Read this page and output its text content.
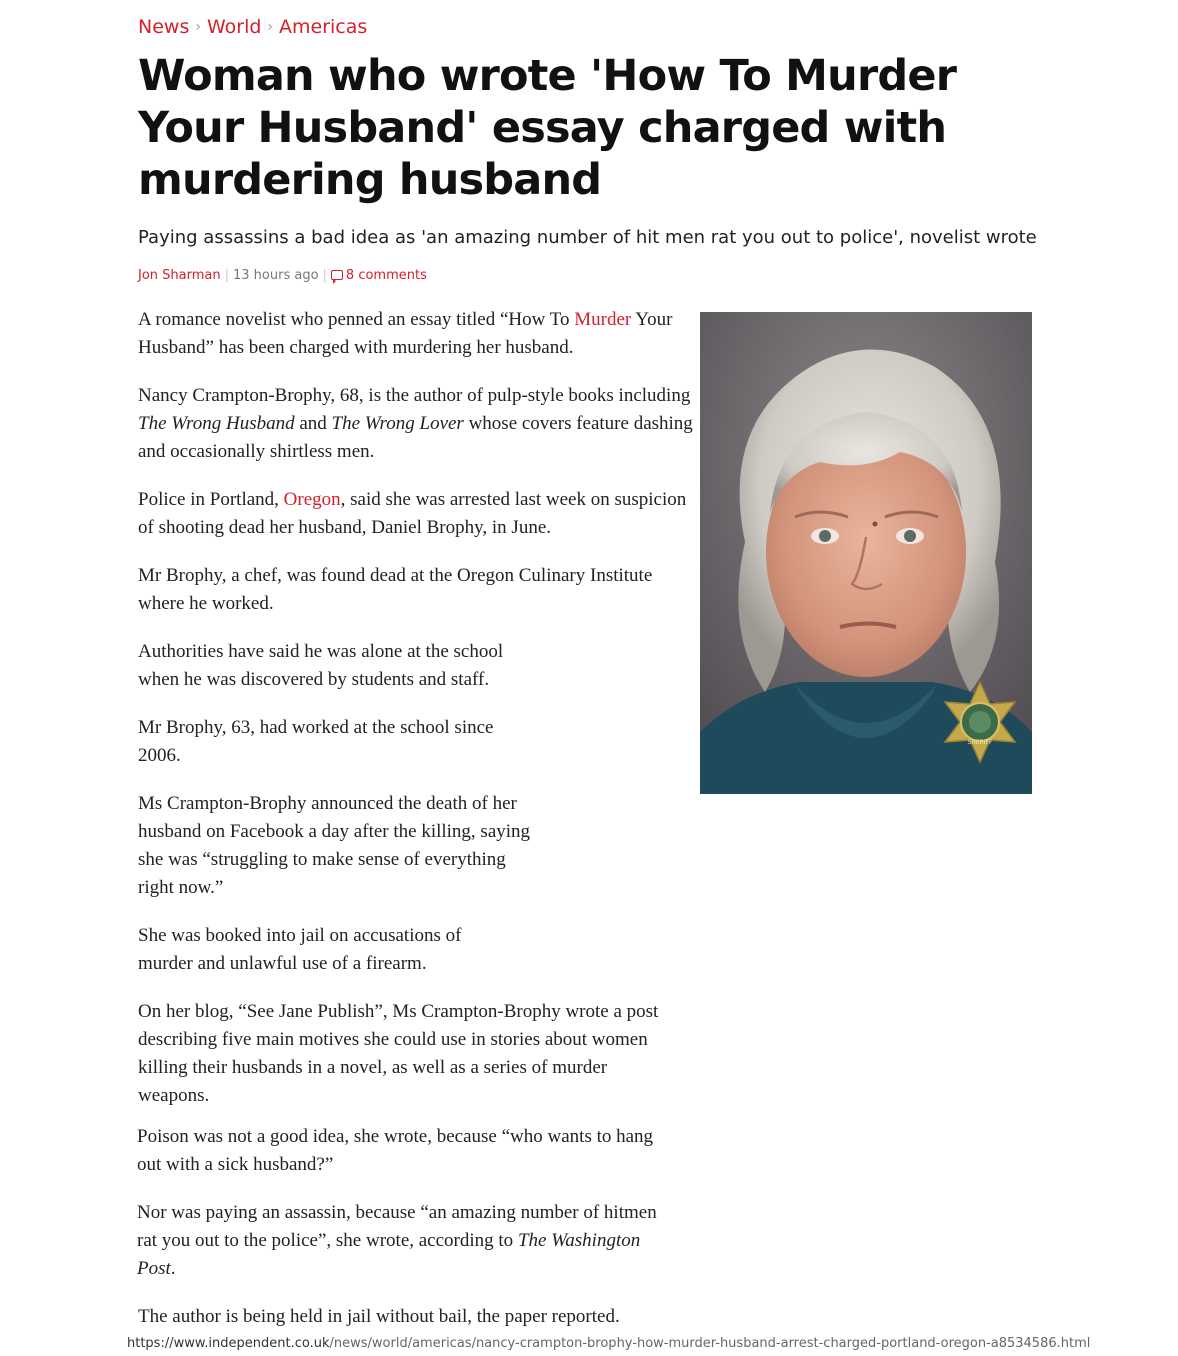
News › World › Americas
Woman who wrote 'How To Murder Your Husband' essay charged with murdering husband

Paying assassins a bad idea as 'an amazing number of hit men rat you out to police', novelist wrote

Jon Sharman | 13 hours ago | 8 comments

A romance novelist who penned an essay titled “How To Murder Your Husband” has been charged with murdering her husband.

Nancy Crampton-Brophy, 68, is the author of pulp-style books including The Wrong Husband and The Wrong Lover whose covers feature dashing and occasionally shirtless men.

Police in Portland, Oregon, said she was arrested last week on suspicion of shooting dead her husband, Daniel Brophy, in June.

Mr Brophy, a chef, was found dead at the Oregon Culinary Institute where he worked.

Authorities have said he was alone at the school when he was discovered by students and staff.

Mr Brophy, 63, had worked at the school since 2006.

Ms Crampton-Brophy announced the death of her husband on Facebook a day after the killing, saying she was “struggling to make sense of everything right now.”

She was booked into jail on accusations of murder and unlawful use of a firearm.

On her blog, “See Jane Publish”, Ms Crampton-Brophy wrote a post describing five main motives she could use in stories about women killing their husbands in a novel, as well as a series of murder weapons.

Poison was not a good idea, she wrote, because “who wants to hang out with a sick husband?”

Nor was paying an assassin, because “an amazing number of hitmen rat you out to the police”, she wrote, according to The Washington Post.

The author is being held in jail without bail, the paper reported.

SHERIFF
https://www.independent.co.uk/news/world/americas/nancy-crampton-brophy-how-murder-husband-arrest-charged-portland-oregon-a8534586.html
